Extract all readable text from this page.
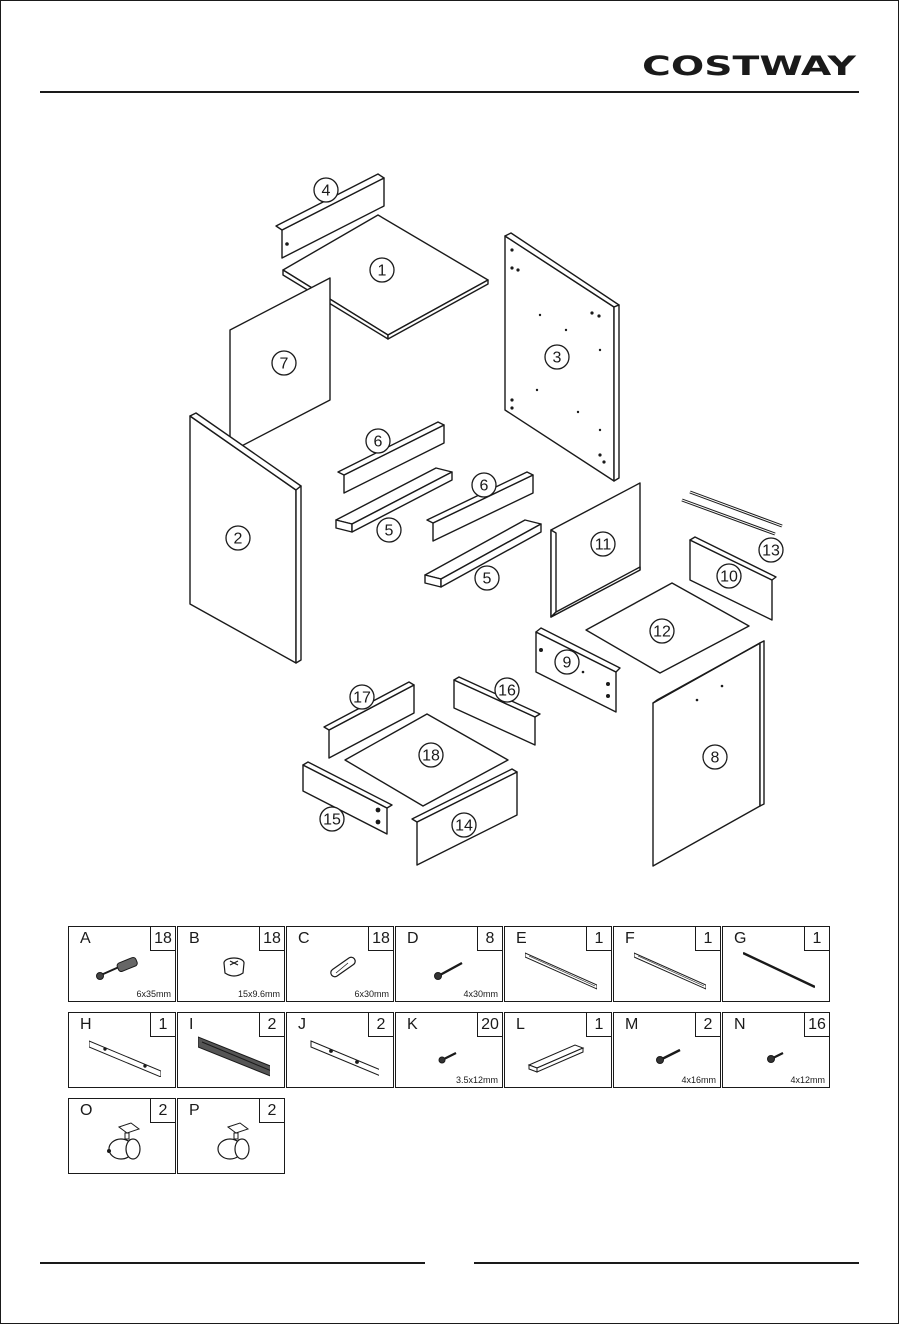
COSTWAY
1
2
3
4
5
5
6
6
7
8
9
10
11
12
13
14
15
16
17
18
A	18
6x35mm
B	18
15x9.6mm
C	18
6x30mm
D	8
4x30mm
E	1	F	1	G	1
H	1	I	2	J	2	K	20
3.5x12mm
L	1	M	2
4x16mm
N	16
4x12mm
O	2	P	2
